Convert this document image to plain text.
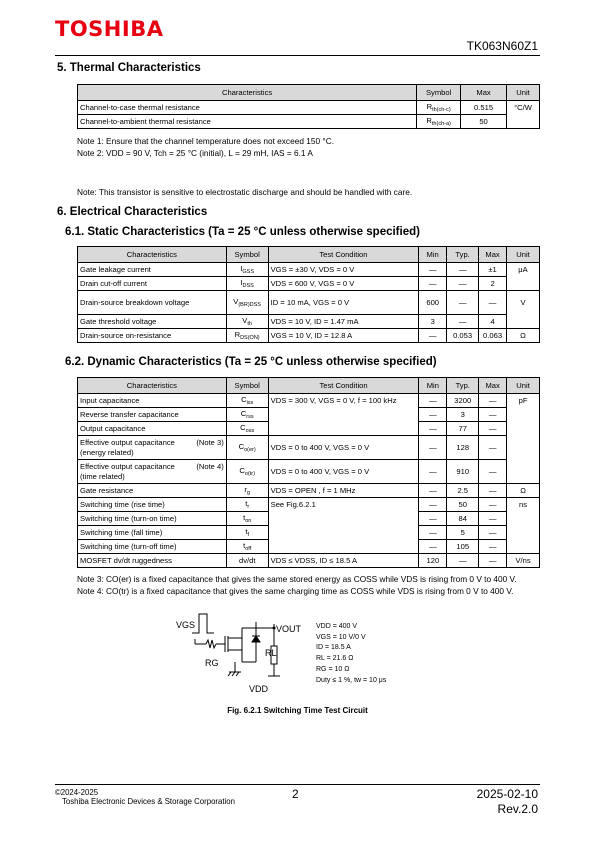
TOSHIBA
TK063N60Z1
5. Thermal Characteristics
Characteristics	Symbol	Max	Unit
Channel-to-case thermal resistance	$R_{th(ch-c)}$	0.515	°C/W
Channel-to-ambient thermal resistance	$R_{th(ch-a)}$	50	
Note 1: Ensure that the channel temperature does not exceed 150 °C.
Note 2: VDD = 90 V, Tch = 25 °C (initial), L = 29 mH, IAS = 6.1 A
Note: This transistor is sensitive to electrostatic discharge and should be handled with care.
6. Electrical Characteristics
6.1. Static Characteristics (Ta = 25 °C unless otherwise specified)
Characteristics	Symbol	Test Condition	Min	Typ.	Max	Unit
Gate leakage current	$I_{GSS}$	VGS = ±30 V, VDS = 0 V	—	—	±1	μA
Drain cut-off current	$I_{DSS}$	VDS = 600 V, VGS = 0 V	—	—	2	
Drain-source breakdown voltage	$V_{(BR)DSS}$	ID = 10 mA, VGS = 0 V	600	—	—	V
Gate threshold voltage	$V_{th}$	VDS = 10 V, ID = 1.47 mA	3	—	4	
Drain-source on-resistance	$R_{DS(ON)}$	VGS = 10 V, ID = 12.8 A	—	0.053	0.063	Ω
6.2. Dynamic Characteristics (Ta = 25 °C unless otherwise specified)
Characteristics	Symbol	Test Condition	Min	Typ.	Max	Unit
Input capacitance	$C_{iss}$	VDS = 300 V, VGS = 0 V, f = 100 kHz	—	3200	—	pF
Reverse transfer capacitance	$C_{rss}$		—	3	—	
Output capacitance	$C_{oss}$		—	77	—	

Effective output capacitance (Note 3)
(energy related)	$C_{o(er)}$	VDS = 0 to 400 V, VGS = 0 V	—	128	—	

Effective output capacitance (Note 4)
(time related)	$C_{o(tr)}$	VDS = 0 to 400 V, VGS = 0 V	—	910	—	
Gate resistance	$r_g$	VDS = OPEN , f = 1 MHz	—	2.5	—	Ω
Switching time (rise time)	$t_r$	See Fig.6.2.1	—	50	—	ns
Switching time (turn-on time)	$t_{on}$		—	84	—	
Switching time (fall time)	$t_f$		—	5	—	
Switching time (turn-off time)	$t_{off}$		—	105	—	
MOSFET dv/dt ruggedness	dv/dt	VDS ≤ VDSS, ID ≤ 18.5 A	120	—	—	V/ns
Note 3: CO(er) is a fixed capacitance that gives the same stored energy as COSS while VDS is rising from 0 V to 400 V.
Note 4: CO(tr) is a fixed capacitance that gives the same charging time as COSS while VDS is rising from 0 V to 400 V.
VGS	VOUT
RG
RL
VDD
VDD = 400 V
VGS = 10 V/0 V
ID = 18.5 A
RL = 21.6 Ω
RG = 10 Ω
Duty ≤ 1 %, tw = 10 μs
Fig. 6.2.1 Switching Time Test Circuit
©2024-2025
Toshiba Electronic Devices & Storage Corporation
2	2025-02-10
Rev.2.0
